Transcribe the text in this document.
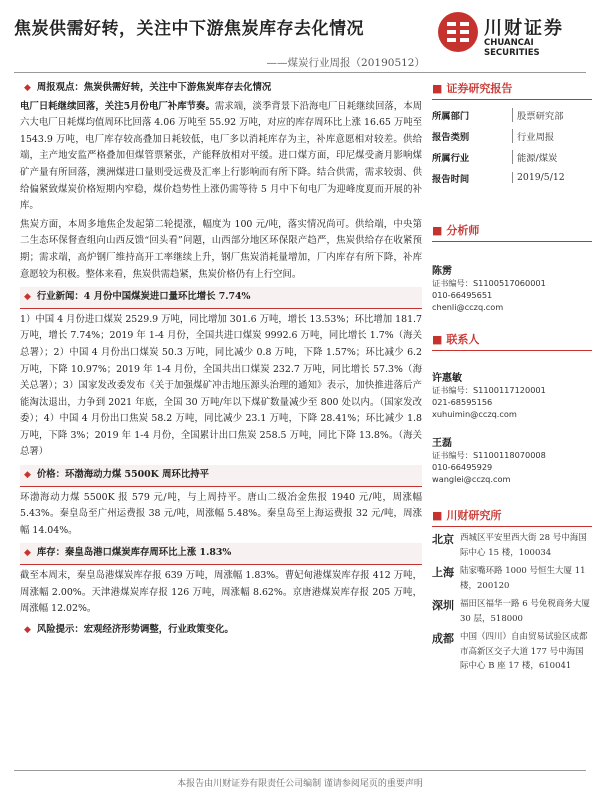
焦炭供需好转，关注中下游焦炭库存去化情况
——煤炭行业周报（20190512）
川财证券
CHUANCAI SECURITIES
◆ 周报观点：焦炭供需好转，关注中下游焦炭库存去化情况

电厂日耗继续回落，关注5月份电厂补库节奏。需求端，淡季背景下沿海电厂日耗继续回落，本周六大电厂日耗煤均值周环比回落 4.06 万吨至 55.92 万吨，对应的库存周环比上涨 16.65 万吨至 1543.9 万吨，电厂库存较高叠加日耗较低，电厂多以消耗库存为主，补库意愿相对较差。供给端，主产地安监严格叠加但煤管票紧张，产能释放相对平缓。进口煤方面，印尼煤受斋月影响煤矿产量有所回落，澳洲煤进口量则受远费及汇率上行影响而有所下降。结合供需，需求较弱、供给偏紧致煤炭价格短期内窄稳，煤价趋势性上涨仍需等待 5 月中下旬电厂为迎峰度夏而开展的补库。

焦炭方面，本周多地焦企发起第二轮提涨，幅度为 100 元/吨，落实情况尚可。供给端，中央第二生态环保督查组向山西反馈“回头看”问题，山西部分地区环保限产趋严，焦炭供给存在收紧预期；需求端，高炉钢厂维持高开工率继续上升，钢厂焦炭消耗量增加，厂内库存有所下降，补库意愿较为积极。整体来看，焦炭供需趋紧，焦炭价格仍有上行空间。

◆ 行业新闻：4 月份中国煤炭进口量环比增长 7.74%

1）中国 4 月份进口煤炭 2529.9 万吨，同比增加 301.6 万吨，增长 13.53%；环比增加 181.7 万吨，增长 7.74%；2019 年 1-4 月份，全国共进口煤炭 9992.6 万吨，同比增长 1.7%（海关总署）；2）中国 4 月份出口煤炭 50.3 万吨，同比减少 0.8 万吨，下降 1.57%；环比减少 6.2 万吨，下降 10.97%；2019 年 1-4 月份，全国共出口煤炭 232.7 万吨，同比增长 57.3%（海关总署）；3）国家发改委发布《关于加强煤矿冲击地压源头治理的通知》表示，加快推进落后产能淘汰退出，力争到 2021 年底，全国 30 万吨/年以下煤矿数量减少至 800 处以内。（国家发改委）；4）中国 4 月份出口焦炭 58.2 万吨，同比减少 23.1 万吨，下降 28.41%；环比减少 1.8 万吨，下降 3%；2019 年 1-4 月份，全国累计出口焦炭 258.5 万吨，同比下降 13.8%。（海关总署）

◆ 价格：环渤海动力煤 5500K 周环比持平

环渤海动力煤 5500K 报 579 元/吨，与上周持平。唐山二级冶金焦报 1940 元/吨，周涨幅 5.43%。秦皇岛至广州运费报 38 元/吨，周涨幅 5.48%。秦皇岛至上海运费报 32 元/吨，周涨幅 14.04%。

◆ 库存：秦皇岛港口煤炭库存周环比上涨 1.83%

截至本周末，秦皇岛港煤炭库存报 639 万吨，周涨幅 1.83%。曹妃甸港煤炭库存报 412 万吨，周涨幅 2.00%。天津港煤炭库存报 126 万吨，周涨幅 8.62%。京唐港煤炭库存报 205 万吨，周涨幅 12.02%。

◆ 风险提示：宏观经济形势调整，行业政策变化。
■ 证券研究报告
所属部门	股票研究部
报告类别	行业周报
所属行业	能源/煤炭
报告时间	2019/5/12
■ 分析师
陈雳
证书编号：S1100517060001
010-66495651
chenli@cczq.com
■ 联系人
许惠敏
证书编号：S1100117120001
021-68595156
xuhuimin@cczq.com
王磊
证书编号：S1100118070008
010-66495929
wanglei@cczq.com
■ 川财研究所
北京 西城区平安里西大街 28 号中海国际中心 15 楼，100034
上海 陆家嘴环路 1000 号恒生大厦 11 楼，200120
深圳 福田区福华一路 6 号免税商务大厦 30 层，518000
成都 中国（四川）自由贸易试验区成都市高新区交子大道 177 号中海国际中心 B 座 17 楼，610041
本报告由川财证券有限责任公司编制 谨请参阅尾页的重要声明
